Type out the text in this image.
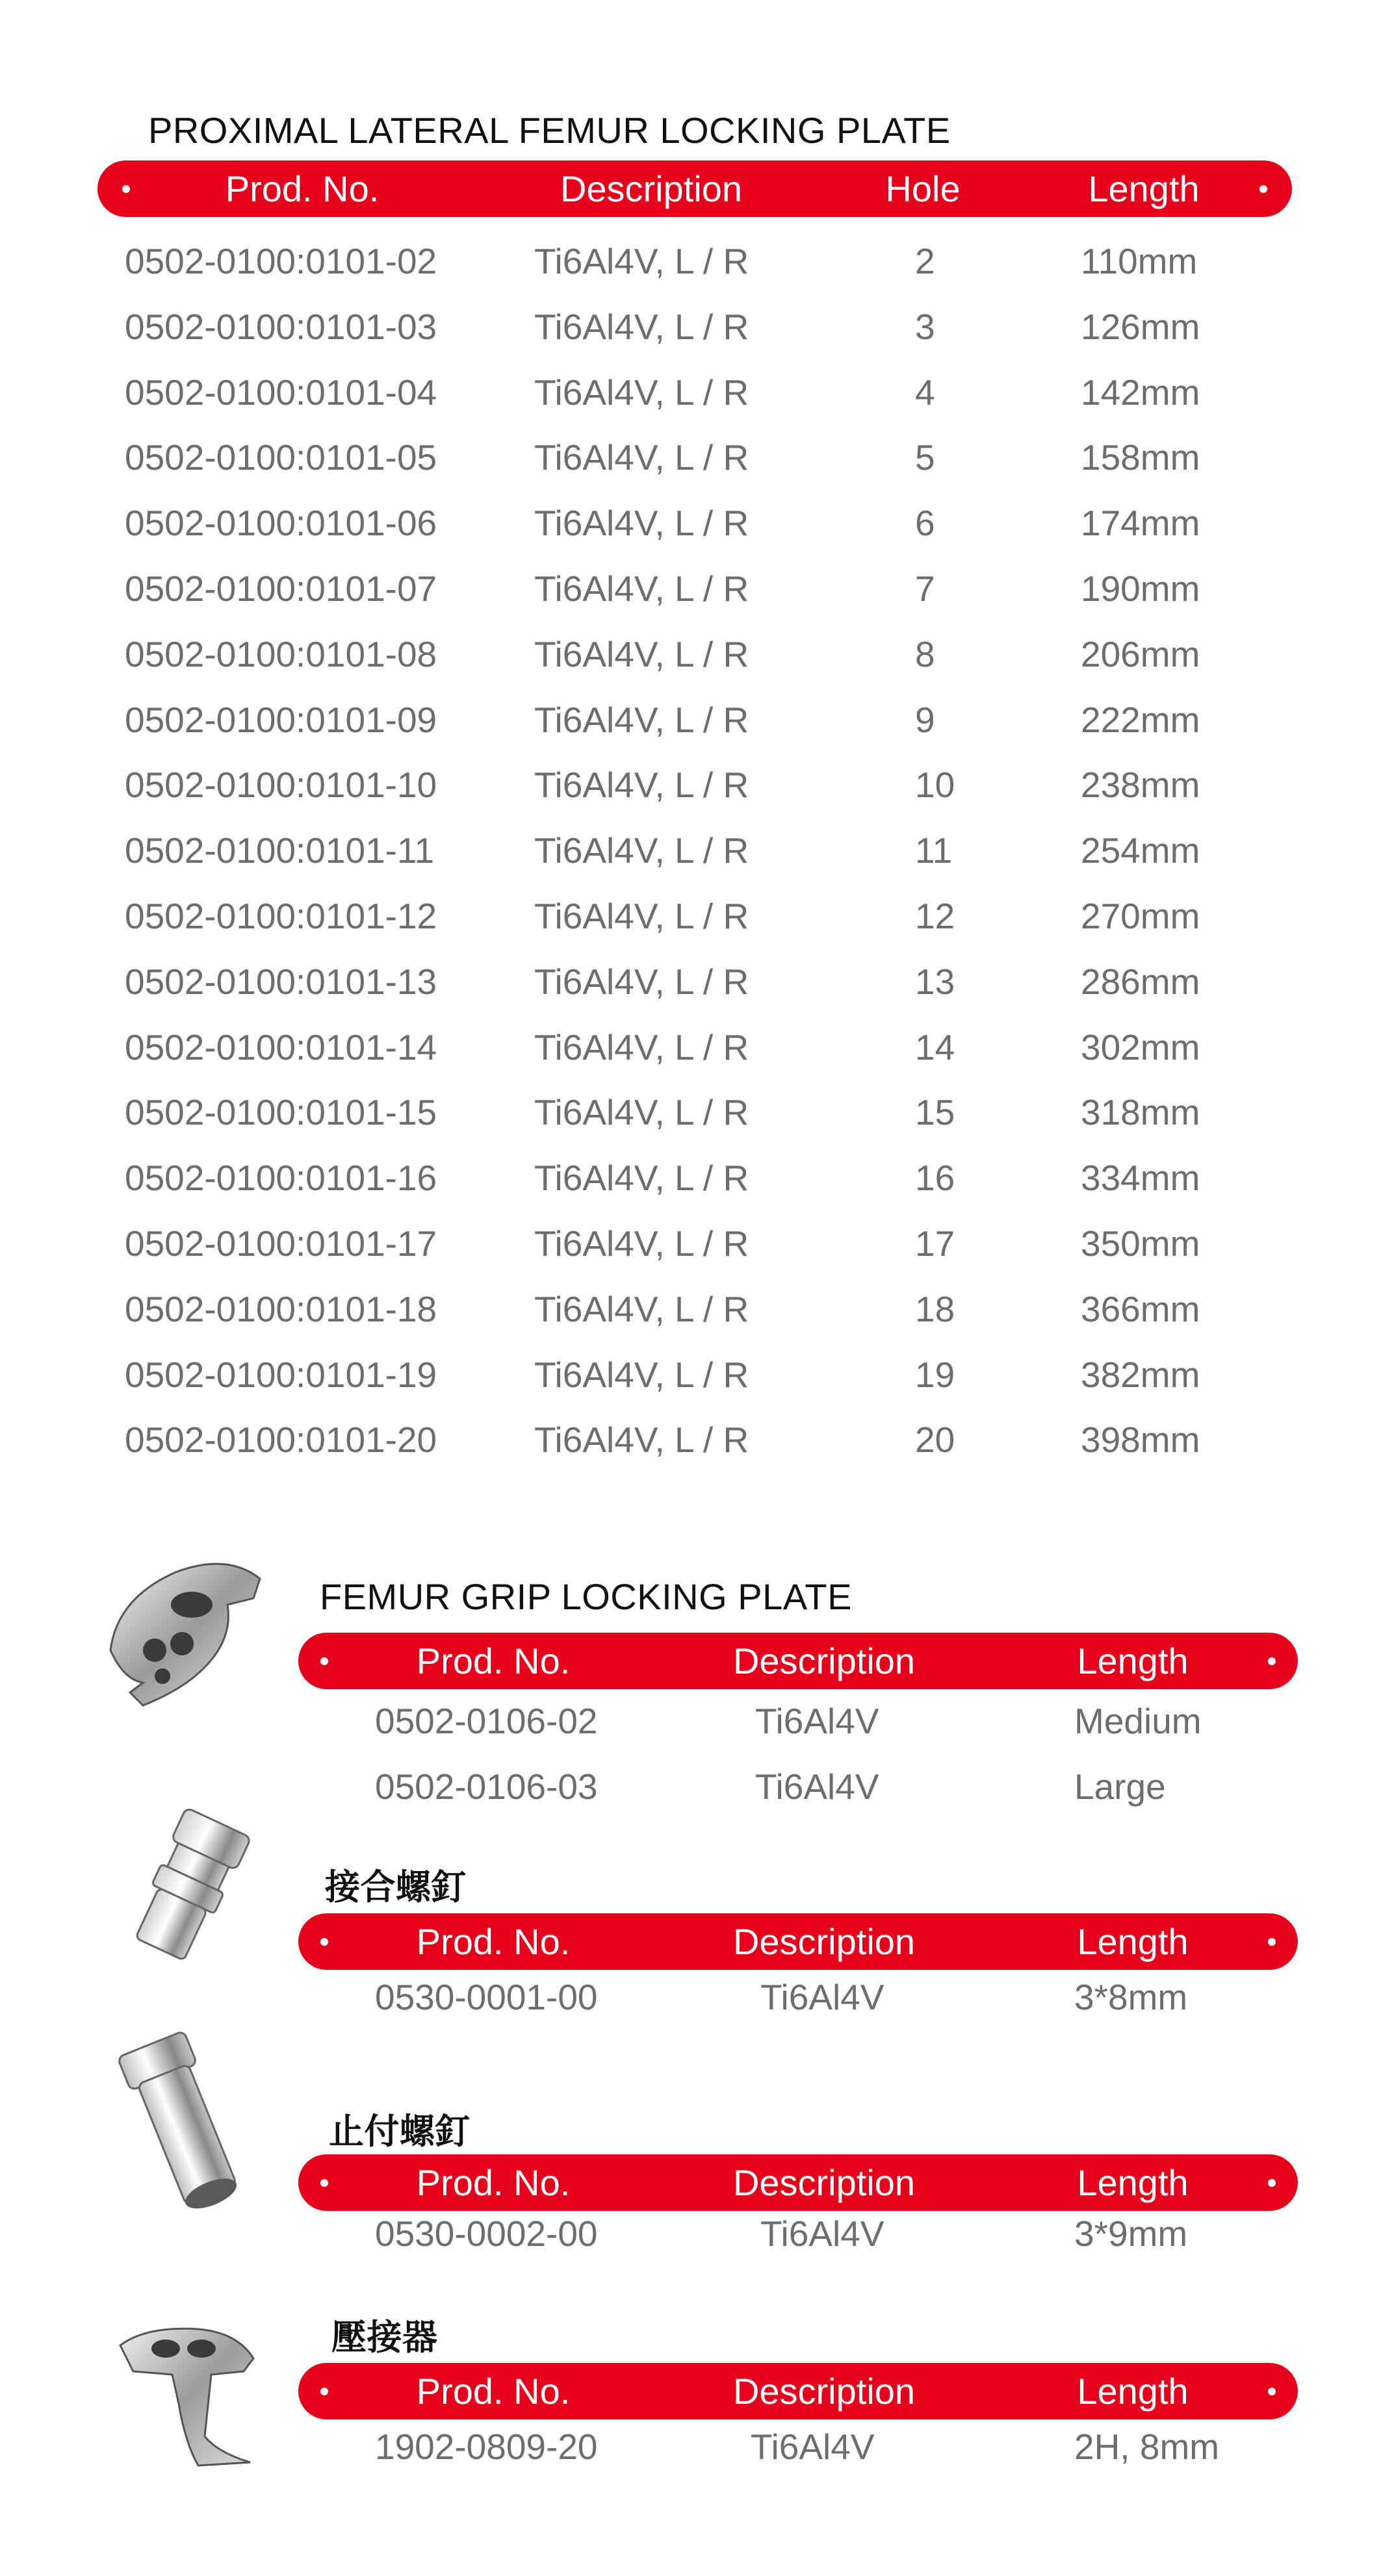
PROXIMAL LATERAL FEMUR LOCKING PLATE
Prod. No.	Description	Hole	Length
0502-0100:0101-02	Ti6Al4V, L / R	2	110mm
0502-0100:0101-03	Ti6Al4V, L / R	3	126mm
0502-0100:0101-04	Ti6Al4V, L / R	4	142mm
0502-0100:0101-05	Ti6Al4V, L / R	5	158mm
0502-0100:0101-06	Ti6Al4V, L / R	6	174mm
0502-0100:0101-07	Ti6Al4V, L / R	7	190mm
0502-0100:0101-08	Ti6Al4V, L / R	8	206mm
0502-0100:0101-09	Ti6Al4V, L / R	9	222mm
0502-0100:0101-10	Ti6Al4V, L / R	10	238mm
0502-0100:0101-11	Ti6Al4V, L / R	11	254mm
0502-0100:0101-12	Ti6Al4V, L / R	12	270mm
0502-0100:0101-13	Ti6Al4V, L / R	13	286mm
0502-0100:0101-14	Ti6Al4V, L / R	14	302mm
0502-0100:0101-15	Ti6Al4V, L / R	15	318mm
0502-0100:0101-16	Ti6Al4V, L / R	16	334mm
0502-0100:0101-17	Ti6Al4V, L / R	17	350mm
0502-0100:0101-18	Ti6Al4V, L / R	18	366mm
0502-0100:0101-19	Ti6Al4V, L / R	19	382mm
0502-0100:0101-20	Ti6Al4V, L / R	20	398mm
FEMUR GRIP LOCKING PLATE
Prod. No.	Description	Length
0502-0106-02	Ti6Al4V	Medium
0502-0106-03	Ti6Al4V	Large
接合螺釘
Prod. No.	Description	Length
0530-0001-00	Ti6Al4V	3*8mm
止付螺釘
Prod. No.	Description	Length
0530-0002-00	Ti6Al4V	3*9mm
壓接器
Prod. No.	Description	Length
1902-0809-20	Ti6Al4V	2H, 8mm
